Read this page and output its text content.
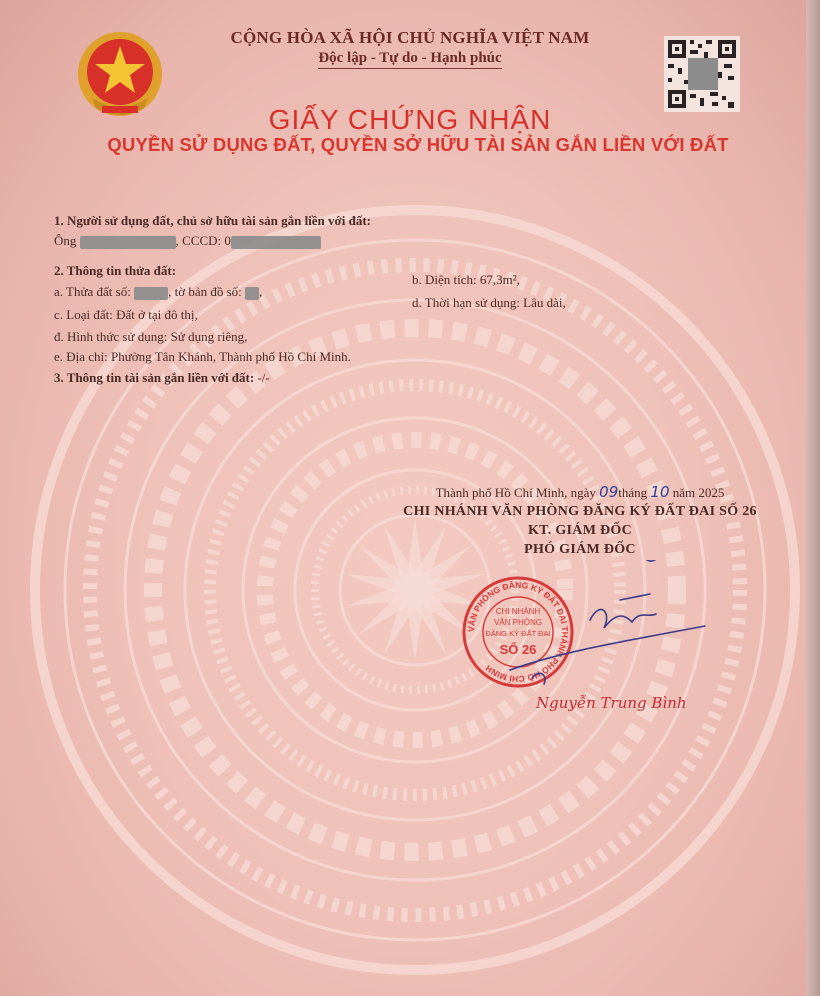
CỘNG HÒA XÃ HỘI CHỦ NGHĨA VIỆT NAM
Độc lập - Tự do - Hạnh phúc
GIẤY CHỨNG NHẬN
QUYỀN SỬ DỤNG ĐẤT, QUYỀN SỞ HỮU TÀI SẢN GẮN LIỀN VỚI ĐẤT
1. Người sử dụng đất, chủ sở hữu tài sản gắn liền với đất:
Ông	, CCCD: 0
2. Thông tin thửa đất:
a. Thửa đất số:	, tờ bản đồ số: ,
b. Diện tích: 67,3m²,
c. Loại đất: Đất ở tại đô thị,
d. Thời hạn sử dụng: Lâu dài,
đ. Hình thức sử dụng: Sử dụng riêng,
e. Địa chỉ: Phường Tân Khánh, Thành phố Hồ Chí Minh.
3. Thông tin tài sản gắn liền với đất: -/-
Thành phố Hồ Chí Minh, ngày 09tháng 10 năm 2025
CHI NHÁNH VĂN PHÒNG ĐĂNG KÝ ĐẤT ĐAI SỐ 26
KT. GIÁM ĐỐC
PHÓ GIÁM ĐỐC
VĂN PHÒNG ĐĂNG KÝ ĐẤT ĐAI THÀNH PHỐ HỒ CHÍ MINH
CHI NHÁNH
VĂN PHÒNG
ĐĂNG KÝ ĐẤT ĐAI
SỐ 26
Nguyễn Trung Bình
